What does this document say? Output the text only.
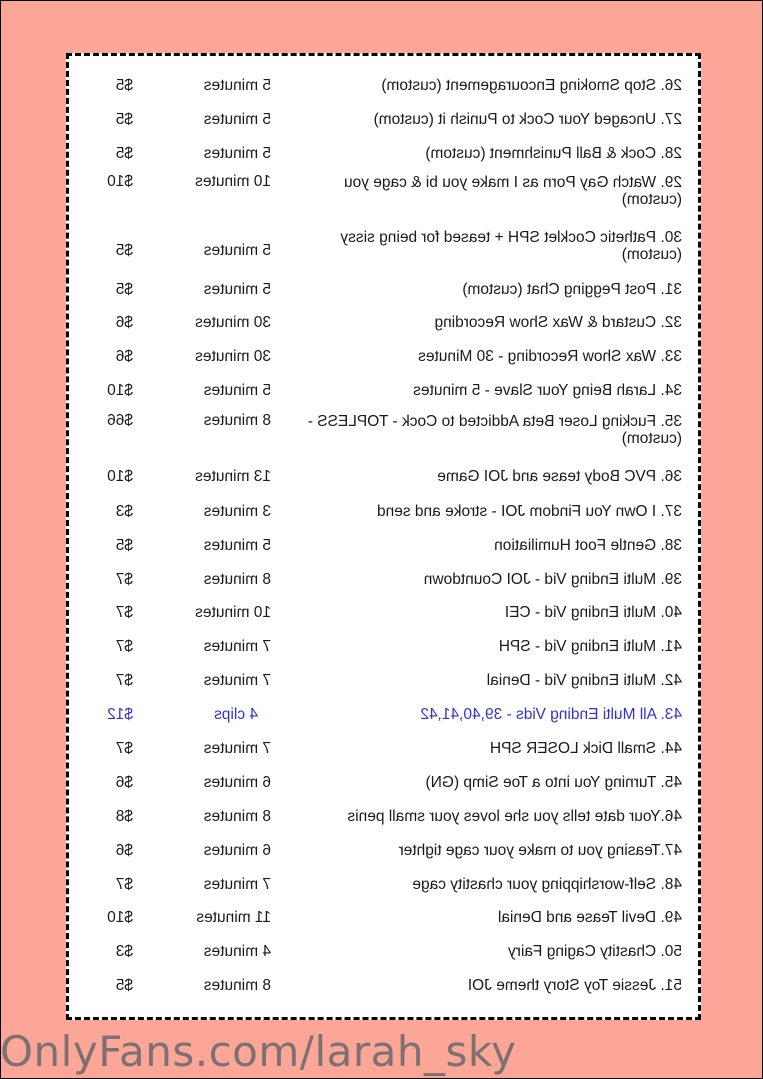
26. Stop Smoking Encouragement (custom)
5 minutes
$5
27. Uncaged Your Cock to Punish it (custom)
5 minutes
$5
28. Cock & Ball Punishment (custom)
5 minutes
$5
29. Watch Gay Porn as I make you bi & cage you (custom)
10 minutes
$10
30. Pathetic Cocklet SPH + teased for being sissy (custom)
5 minutes
$5
31. Post Pegging Chat (custom)
5 minutes
$5
32. Custard & Wax Show Recording
30 minutes
$6
33. Wax Show Recording - 30 Minutes
30 minutes
$6
34. Larah Being Your Slave - 5 minutes
5 minutes
$10
35. Fucking Loser Beta Addicted to Cock - TOPLESS - (custom)
8 minutes
$66
36. PVC Body tease and JOI Game
13 minutes
$10
37. I Own You Findom JOI - stroke and send
3 minutes
$3
38. Gentle Foot Humiliation
5 minutes
$5
39. Multi Ending Vid - JOI Countdown
8 minutes
$7
40. Multi Ending Vid - CEI
10 minutes
$7
41. Multi Ending Vid - SPH
7 minutes
$7
42. Multi Ending Vid - Denial
7 minutes
$7
43. All Multi Ending Vids - 39,40,41,42
4 clips
$12
44. Small Dick LOSER SPH
7 minutes
$7
45. Turning You into a Toe Simp (GN)
6 minutes
$6
46.Your date tells you she loves your small penis
8 minutes
$8
47.Teasing you to make your cage tighter
6 minutes
$6
48. Self-worshipping your chastity cage
7 minutes
$7
49. Devil Tease and Denial
11 minutes
$10
50. Chastity Caging Fairy
4 minutes
$3
51. Jessie Toy Story theme JOI
8 minutes
$5
OnlyFans.com/larah_sky
